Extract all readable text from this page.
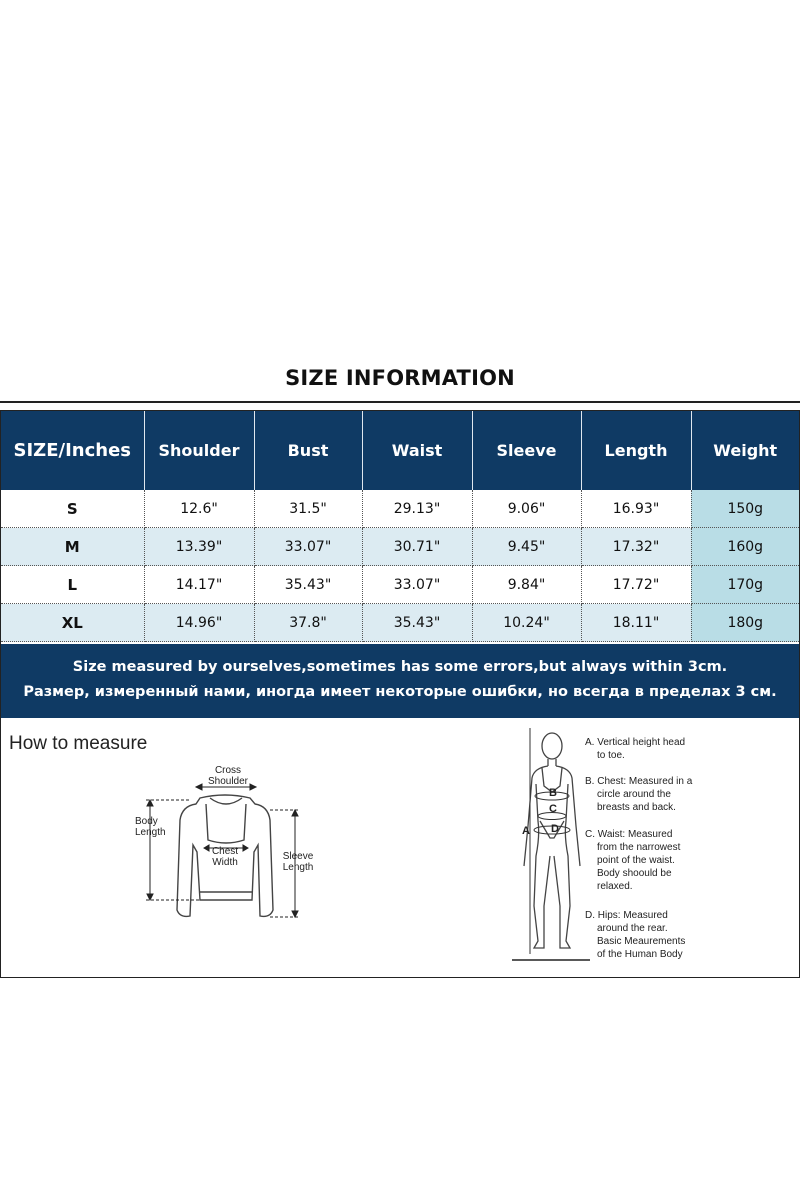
SIZE INFORMATION
SIZE/Inches	Shoulder	Bust	Waist	Sleeve	Length	Weight
S	12.6"	31.5"	29.13"	9.06"	16.93"	150g
M	13.39"	33.07"	30.71"	9.45"	17.32"	160g
L	14.17"	35.43"	33.07"	9.84"	17.72"	170g
XL	14.96"	37.8"	35.43"	10.24"	18.11"	180g
Size measured by ourselves,sometimes has some errors,but always within 3cm.
Размер, измеренный нами, иногда имеет некоторые ошибки, но всегда в пределах 3 см.
How to measure
Cross
Shoulder
Body
Length
Chest
Width
Sleeve
Length
A
B
C
D
A. Vertical height head
to toe.
B. Chest: Measured in a
circle around the
breasts and back.
C. Waist: Measured
from the narrowest
point of the waist.
Body shoould be
relaxed.
D. Hips: Measured
around the rear.
Basic Meaurements
of the Human Body
